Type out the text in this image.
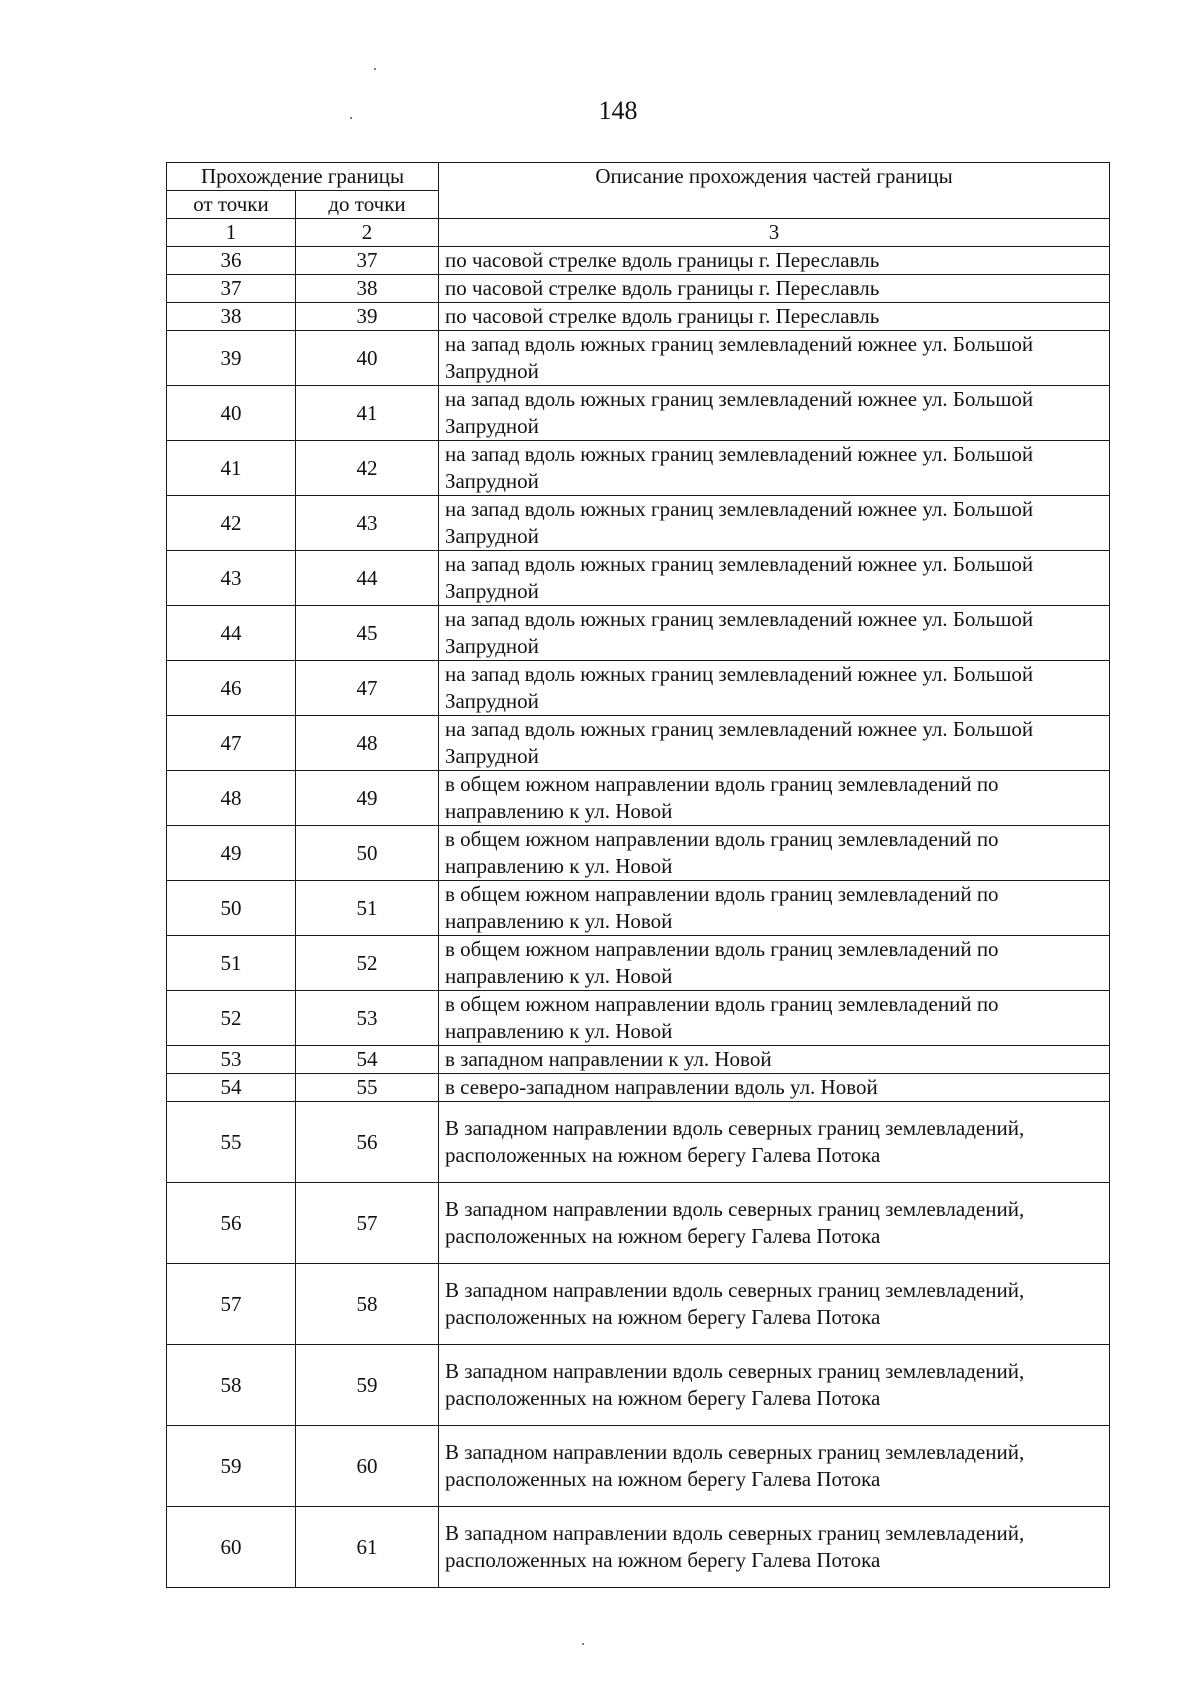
148
Прохождение границы		Описание прохождения частей границы
от точки	до точки	
1	2	3
36	37	по часовой стрелке вдоль границы г. Переславль
37	38	по часовой стрелке вдоль границы г. Переславль
38	39	по часовой стрелке вдоль границы г. Переславль
39	40	на запад вдоль южных границ землевладений южнее ул. Большой Запрудной
40	41	на запад вдоль южных границ землевладений южнее ул. Большой Запрудной
41	42	на запад вдоль южных границ землевладений южнее ул. Большой Запрудной
42	43	на запад вдоль южных границ землевладений южнее ул. Большой Запрудной
43	44	на запад вдоль южных границ землевладений южнее ул. Большой Запрудной
44	45	на запад вдоль южных границ землевладений южнее ул. Большой Запрудной
46	47	на запад вдоль южных границ землевладений южнее ул. Большой Запрудной
47	48	на запад вдоль южных границ землевладений южнее ул. Большой Запрудной
48	49	в общем южном направлении вдоль границ землевладений по направлению к ул. Новой
49	50	в общем южном направлении вдоль границ землевладений по направлению к ул. Новой
50	51	в общем южном направлении вдоль границ землевладений по направлению к ул. Новой
51	52	в общем южном направлении вдоль границ землевладений по направлению к ул. Новой
52	53	в общем южном направлении вдоль границ землевладений по направлению к ул. Новой
53	54	в западном направлении к ул. Новой
54	55	в северо-западном направлении вдоль ул. Новой
55	56	В западном направлении вдоль северных границ землевладений, расположенных на южном берегу Галева Потока
56	57	В западном направлении вдоль северных границ землевладений, расположенных на южном берегу Галева Потока
57	58	В западном направлении вдоль северных границ землевладений, расположенных на южном берегу Галева Потока
58	59	В западном направлении вдоль северных границ землевладений, расположенных на южном берегу Галева Потока
59	60	В западном направлении вдоль северных границ землевладений, расположенных на южном берегу Галева Потока
60	61	В западном направлении вдоль северных границ землевладений, расположенных на южном берегу Галева Потока
